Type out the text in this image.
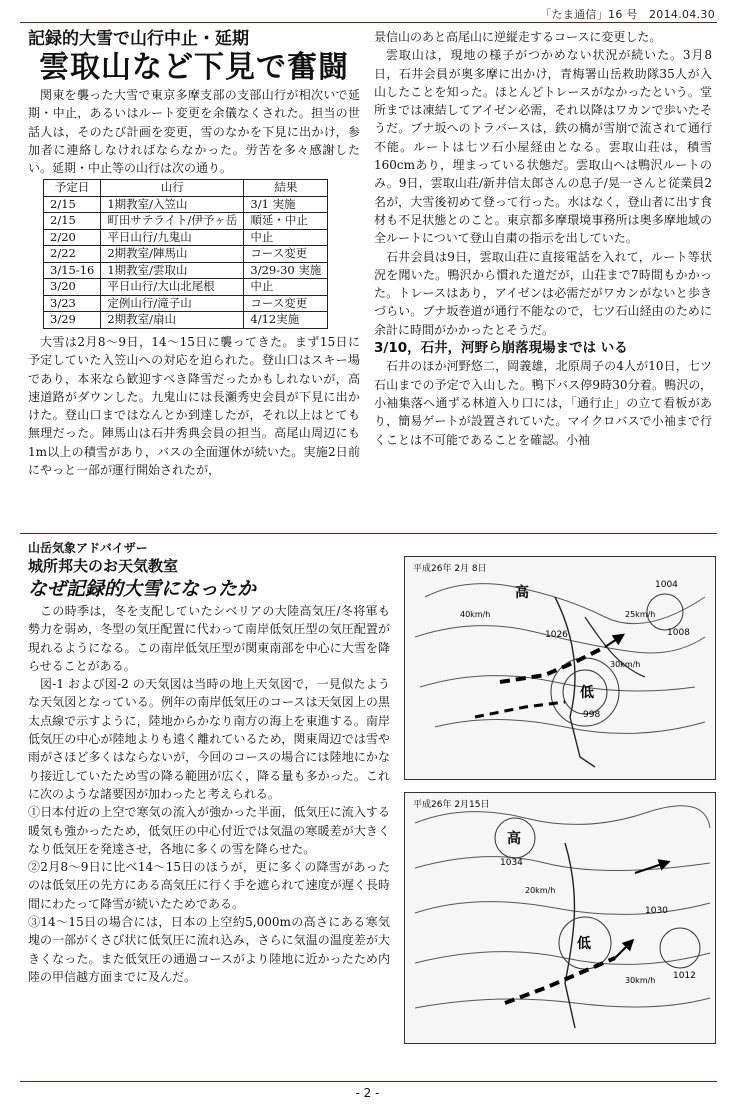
「たま通信」16 号　2014.04.30

記録的大雪で山行中止・延期

雲取山など下見で奮闘

関東を襲った大雪で東京多摩支部の支部山行が相次いで延期・中止，あるいはルート変更を余儀なくされた。担当の世話人は，そのたび計画を変更，雪のなかを下見に出かけ，参加者に連絡しなければならなかった。労苦を多々感謝したい。延期・中止等の山行は次の通り。

予定日	山行	結果
2/15	1期教室/入笠山	3/1 実施
2/15	町田サテライト/伊予ヶ岳	順延・中止
2/20	平日山行/九鬼山	中止
2/22	2期教室/陣馬山	コース変更
3/15-16	1期教室/雲取山	3/29-30 実施
3/20	平日山行/大山北尾根	中止
3/23	定例山行/滝子山	コース変更
3/29	2期教室/扇山	4/12実施

大雪は2月8～9日，14～15日に襲ってきた。まず15日に予定していた入笠山への対応を迫られた。登山口はスキー場であり，本来なら歓迎すべき降雪だったかもしれないが，高速道路がダウンした。九鬼山には長瀬秀史会員が下見に出かけた。登山口まではなんとか到達したが，それ以上はとても無理だった。陣馬山は石井秀典会員の担当。高尾山周辺にも1m以上の積雪があり，バスの全面運休が続いた。実施2日前にやっと一部が運行開始されたが，

景信山のあと高尾山に逆縦走するコースに変更した。

雲取山は，現地の様子がつかめない状況が続いた。3月8日，石井会員が奥多摩に出かけ，青梅署山岳救助隊35人が入山したことを知った。ほとんどトレースがなかったという。堂所までは凍結してアイゼン必需，それ以降はワカンで歩いたそうだ。ブナ坂へのトラバースは，鉄の橋が雪崩で流されて通行不能。ルートは七ツ石小屋経由となる。雲取山荘は，積雪160cmあり，埋まっている状態だ。雲取山へは鴨沢ルートのみ。9日，雲取山荘/新井信太郎さんの息子/晃一さんと従業員2名が，大雪後初めて登って行った。水はなく，登山者に出す食材も不足状態とのこと。東京都多摩環境事務所は奥多摩地域の全ルートについて登山自粛の指示を出していた。

石井会員は9日，雲取山荘に直接電話を入れて，ルート等状況を聞いた。鴨沢から慣れた道だが，山荘まで7時間もかかった。トレースはあり，アイゼンは必需だがワカンがないと歩きづらい。ブナ坂巻道が通行不能なので，七ツ石山経由のために余計に時間がかかったとそうだ。

3/10，石井，河野ら崩落現場までは いる

石井のほか河野悠二，岡義雄，北原周子の4人が10日，七ツ石山までの予定で入山した。鴨下バス停9時30分着。鴨沢の，小袖集落へ通ずる林道入り口には，「通行止」の立て看板があり，簡易ゲートが設置されていた。マイクロバスで小袖まで行くことは不可能であることを確認。小袖

山岳気象アドバイザー

城所邦夫のお天気教室

なぜ記録的大雪になったか

この時季は，冬を支配していたシベリアの大陸高気圧/冬将軍も勢力を弱め，冬型の気圧配置に代わって南岸低気圧型の気圧配置が現れるようになる。この南岸低気圧型が関東南部を中心に大雪を降らせることがある。

図-1 および図-2 の天気図は当時の地上天気図で，一見似たような天気図となっている。例年の南岸低気圧のコースは天気図上の黒太点線で示すように，陸地からかなり南方の海上を東進する。南岸低気圧の中心が陸地よりも遠く離れているため，関東周辺では雪や雨がさほど多くはならないが，今回のコースの場合には陸地にかなり接近していたため雪の降る範囲が広く，降る量も多かった。これに次のような諸要因が加わったと考えられる。

①日本付近の上空で寒気の流入が強かった半面，低気圧に流入する暖気も強かったため，低気圧の中心付近では気温の寒暖差が大きくなり低気圧を発達させ，各地に多くの雪を降らせた。

②2月8～9日に比べ14～15日のほうが，更に多くの降雪があったのは低気圧の先方にある高気圧に行く手を遮られて速度が遅く長時間にわたって降雪が続いたためである。

③14～15日の場合には，日本の上空約5,000mの高さにある寒気塊の一部がくさび状に低気圧に流れ込み，さらに気温の温度差が大きくなった。また低気圧の通過コースがより陸地に近かったため内陸の甲信越方面までに及んだ。

平成26年 2月 8日
高
低
1004
1026
998
1008
40km/h
30km/h
25km/h
平成26年 2月15日
高
低
1034
1030
1012
20km/h
30km/h
- 2 -
